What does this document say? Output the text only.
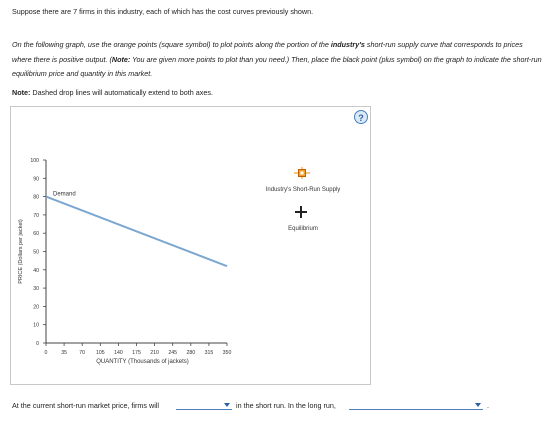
Suppose there are 7 firms in this industry, each of which has the cost curves previously shown.

On the following graph, use the orange points (square symbol) to plot points along the portion of the industry's short-run supply curve that corresponds to prices where there is positive output. (Note: You are given more points to plot than you need.) Then, place the black point (plus symbol) on the graph to indicate the short-run equilibrium price and quantity in this market.

Note: Dashed drop lines will automatically extend to both axes.

?
0
10
20
30
40
50
60
70
80
90
100
0	35 70 105 140 175 210 245 280 315 350
QUANTITY (Thousands of jackets)
PRICE (Dollars per jacket)
Demand
Industry's Short-Run Supply
Equilibrium
At the current short-run market price, firms will	in the short run. In the long run,	.
